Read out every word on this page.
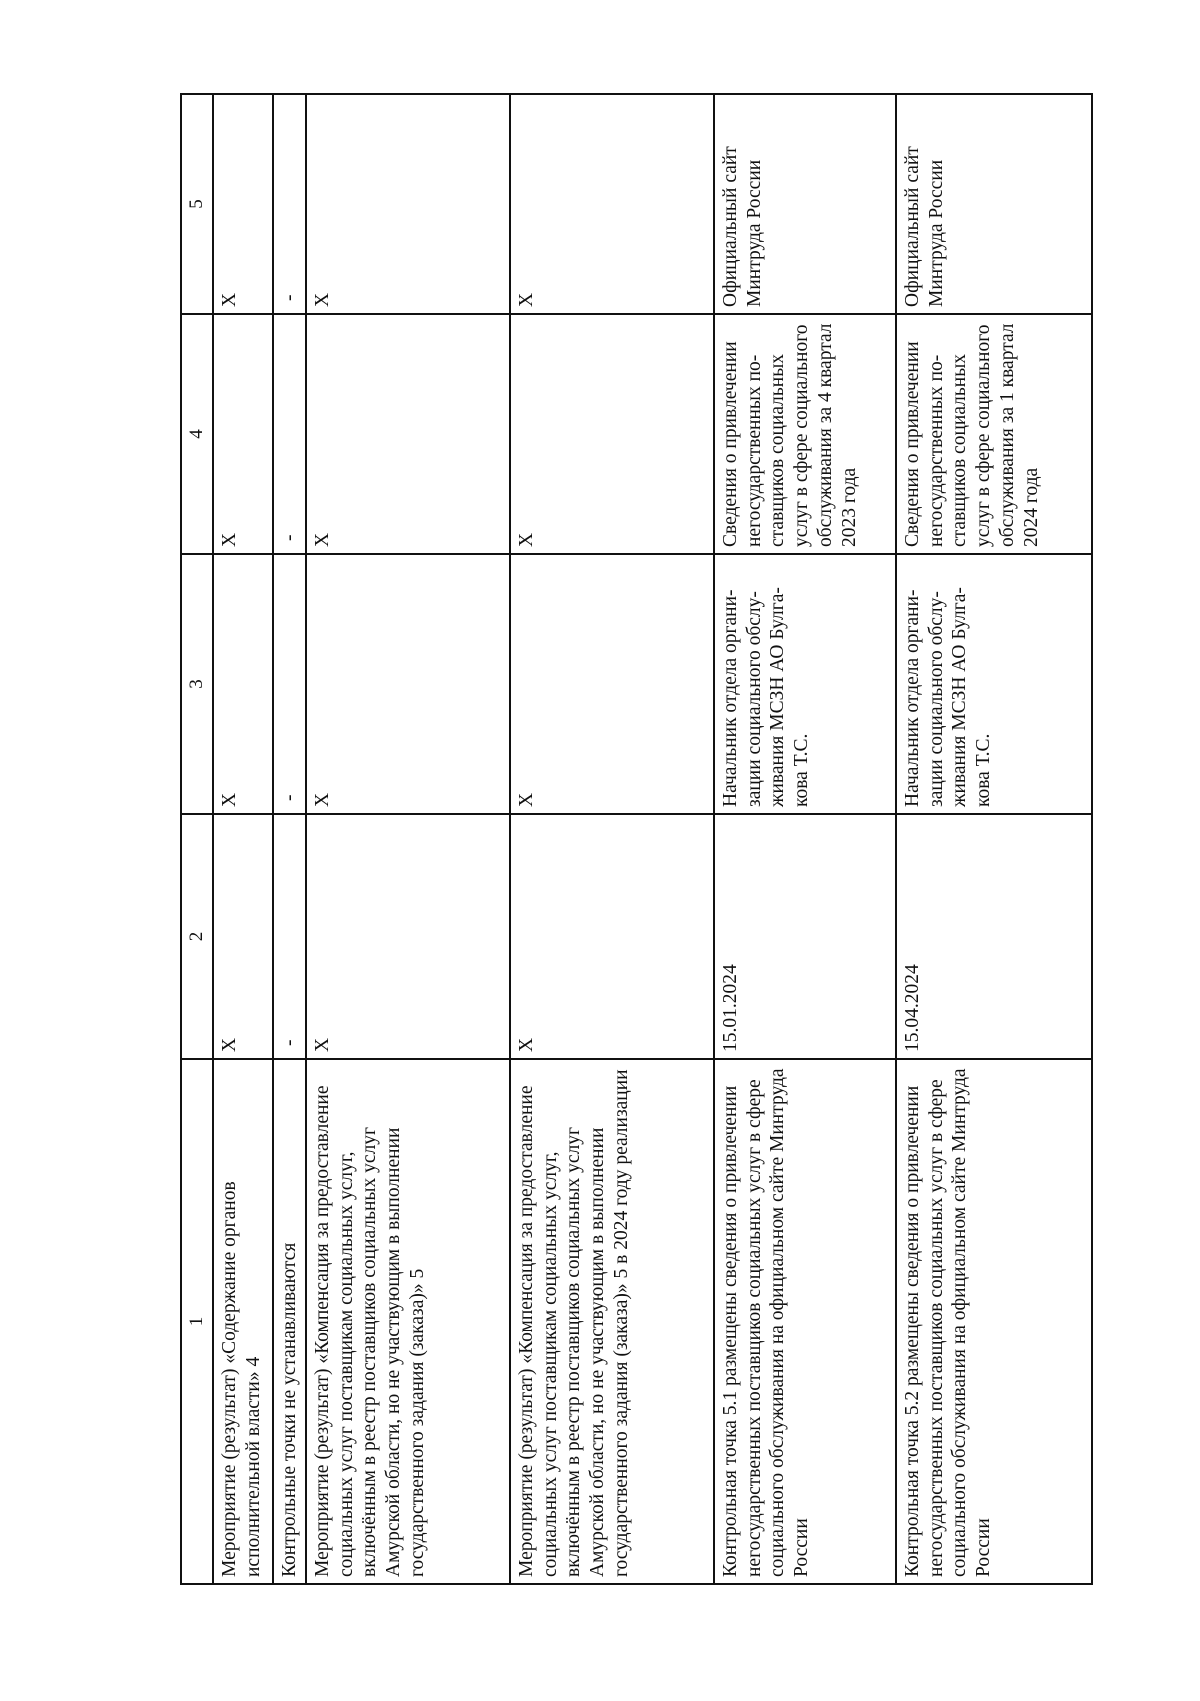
1	2	3	4	5
Мероприятие (результат) «Содержание органов исполнительной власти» 4	X	X	X	X
Контрольные точки не устанавливаются	-	-	-	-
Мероприятие (результат) «Компенсация за предоставление социальных услуг поставщикам социальных услуг, включённым в реестр поставщиков социальных услуг Амурской области, но не участвующим в выполнении государственного задания (заказа)» 5	X	X	X	X
Мероприятие (результат) «Компенсация за предоставление социальных услуг поставщикам социальных услуг, включённым в реестр поставщиков социальных услуг Амурской области, но не участвующим в выполнении государственного задания (заказа)» 5 в 2024 году реализации	X	X	X	X
Контрольная точка 5.1 размещены сведения о привлечении негосударственных поставщиков социальных услуг в сфере социального обслуживания на официальном сайте Минтруда России	15.01.2024	Начальник отдела организации социального обслуживания МСЗН АО Булгакова Т.С.	Сведения о привлечении негосударственных поставщиков социальных услуг в сфере социального обслуживания за 4 квартал 2023 года	Официальный сайт Минтруда России
Контрольная точка 5.2 размещены сведения о привлечении негосударственных поставщиков социальных услуг в сфере социального обслуживания на официальном сайте Минтруда России	15.04.2024	Начальник отдела организации социального обслуживания МСЗН АО Булгакова Т.С.	Сведения о привлечении негосударственных поставщиков социальных услуг в сфере социального обслуживания за 1 квартал 2024 года	Официальный сайт Минтруда России
